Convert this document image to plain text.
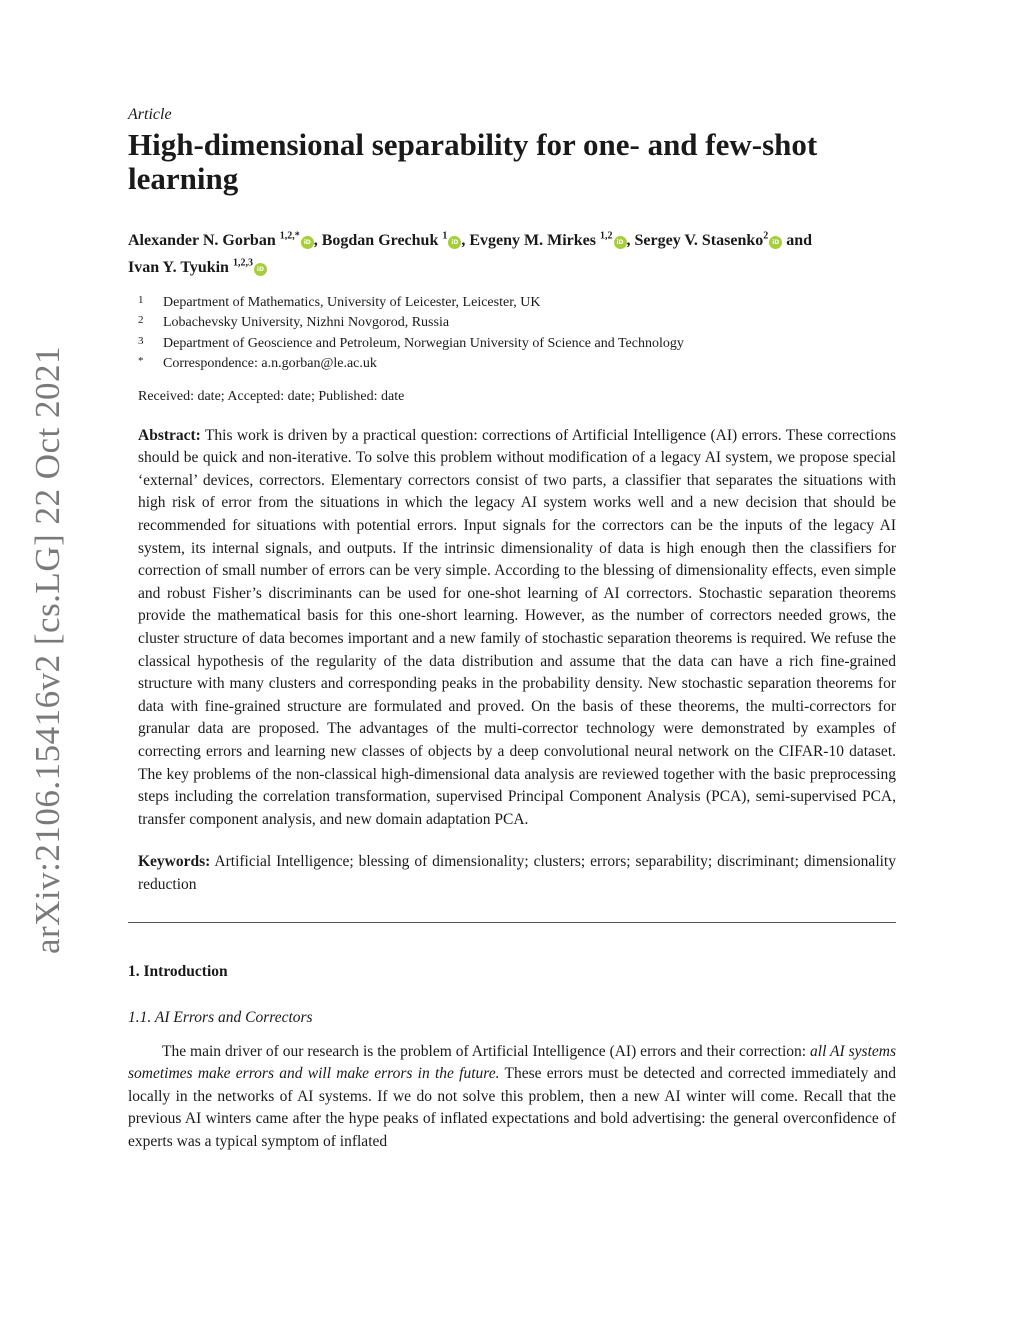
arXiv:2106.15416v2 [cs.LG] 22 Oct 2021
Article
High-dimensional separability for one- and few-shot learning
Alexander N. Gorban $^{1,2,*}$iD , Bogdan Grechuk $^1$iD , Evgeny M. Mirkes $^{1,2}$iD , Sergey V. Stasenko$^2$iD and
Ivan Y. Tyukin $^{1,2,3}$iD
1	Department of Mathematics, University of Leicester, Leicester, UK
2	Lobachevsky University, Nizhni Novgorod, Russia
3	Department of Geoscience and Petroleum, Norwegian University of Science and Technology
*	Correspondence: a.n.gorban@le.ac.uk
Received: date; Accepted: date; Published: date
Abstract: This work is driven by a practical question: corrections of Artificial Intelligence (AI) errors. These corrections should be quick and non-iterative. To solve this problem without modification of a legacy AI system, we propose special ‘external’ devices, correctors. Elementary correctors consist of two parts, a classifier that separates the situations with high risk of error from the situations in which the legacy AI system works well and a new decision that should be recommended for situations with potential errors. Input signals for the correctors can be the inputs of the legacy AI system, its internal signals, and outputs. If the intrinsic dimensionality of data is high enough then the classifiers for correction of small number of errors can be very simple. According to the blessing of dimensionality effects, even simple and robust Fisher’s discriminants can be used for one-shot learning of AI correctors. Stochastic separation theorems provide the mathematical basis for this one-short learning. However, as the number of correctors needed grows, the cluster structure of data becomes important and a new family of stochastic separation theorems is required. We refuse the classical hypothesis of the regularity of the data distribution and assume that the data can have a rich fine-grained structure with many clusters and corresponding peaks in the probability density. New stochastic separation theorems for data with fine-grained structure are formulated and proved. On the basis of these theorems, the multi-correctors for granular data are proposed. The advantages of the multi-corrector technology were demonstrated by examples of correcting errors and learning new classes of objects by a deep convolutional neural network on the CIFAR-10 dataset. The key problems of the non-classical high-dimensional data analysis are reviewed together with the basic preprocessing steps including the correlation transformation, supervised Principal Component Analysis (PCA), semi-supervised PCA, transfer component analysis, and new domain adaptation PCA.
Keywords: Artificial Intelligence; blessing of dimensionality; clusters; errors; separability; discriminant; dimensionality reduction
1. Introduction
1.1. AI Errors and Correctors

The main driver of our research is the problem of Artificial Intelligence (AI) errors and their correction: all AI systems sometimes make errors and will make errors in the future. These errors must be detected and corrected immediately and locally in the networks of AI systems. If we do not solve this problem, then a new AI winter will come. Recall that the previous AI winters came after the hype peaks of inflated expectations and bold advertising: the general overconfidence of experts was a typical symptom of inflated
